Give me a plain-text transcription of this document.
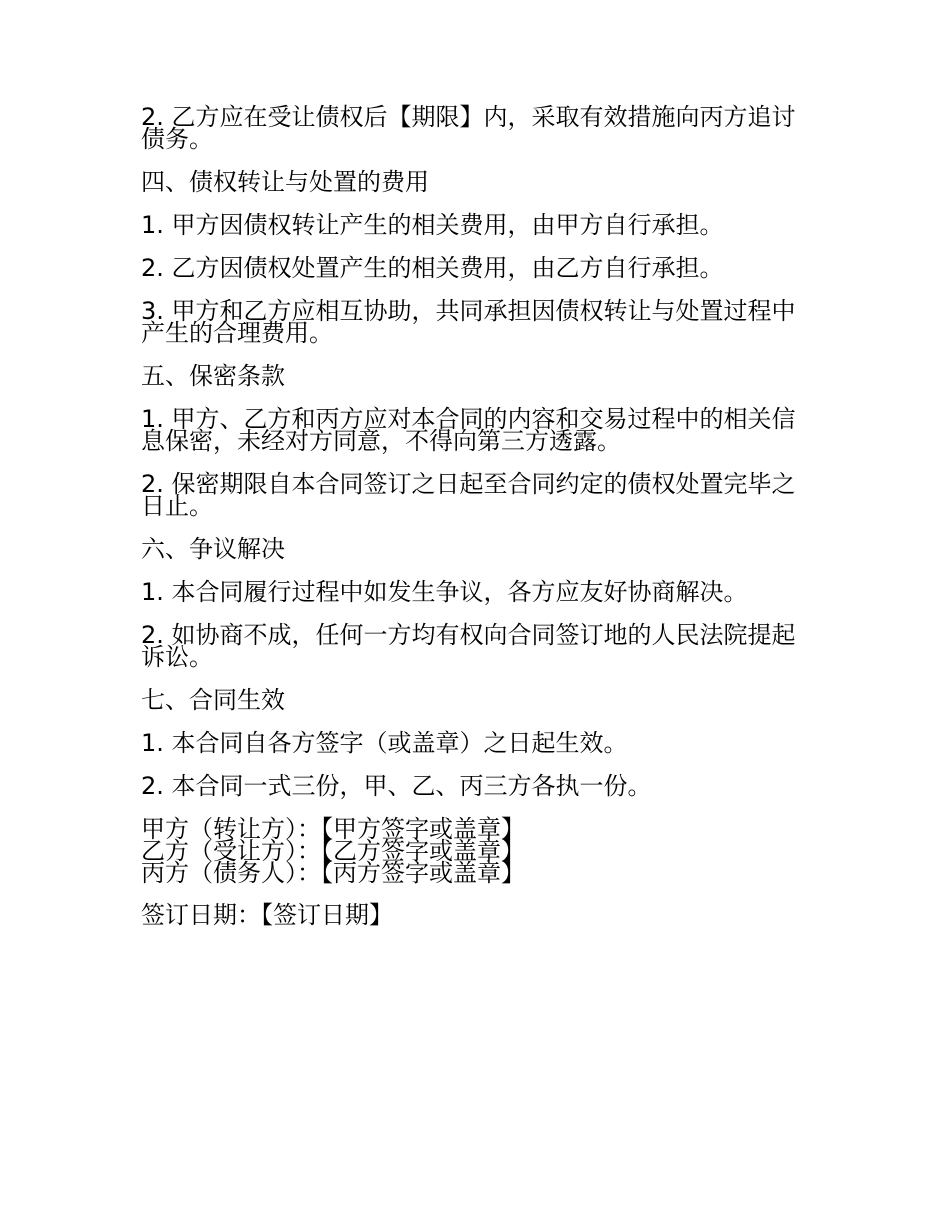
2. 乙方应在受让债权后【期限】内，采取有效措施向丙方追讨债务。

四、债权转让与处置的费用

1. 甲方因债权转让产生的相关费用，由甲方自行承担。

2. 乙方因债权处置产生的相关费用，由乙方自行承担。

3. 甲方和乙方应相互协助，共同承担因债权转让与处置过程中产生的合理费用。

五、保密条款

1. 甲方、乙方和丙方应对本合同的内容和交易过程中的相关信息保密，未经对方同意，不得向第三方透露。

2. 保密期限自本合同签订之日起至合同约定的债权处置完毕之日止。

六、争议解决

1. 本合同履行过程中如发生争议，各方应友好协商解决。

2. 如协商不成，任何一方均有权向合同签订地的人民法院提起诉讼。

七、合同生效

1. 本合同自各方签字（或盖章）之日起生效。

2. 本合同一式三份，甲、乙、丙三方各执一份。

甲方（转让方）：【甲方签字或盖章】

乙方（受让方）：【乙方签字或盖章】

丙方（债务人）：【丙方签字或盖章】

签订日期：【签订日期】
